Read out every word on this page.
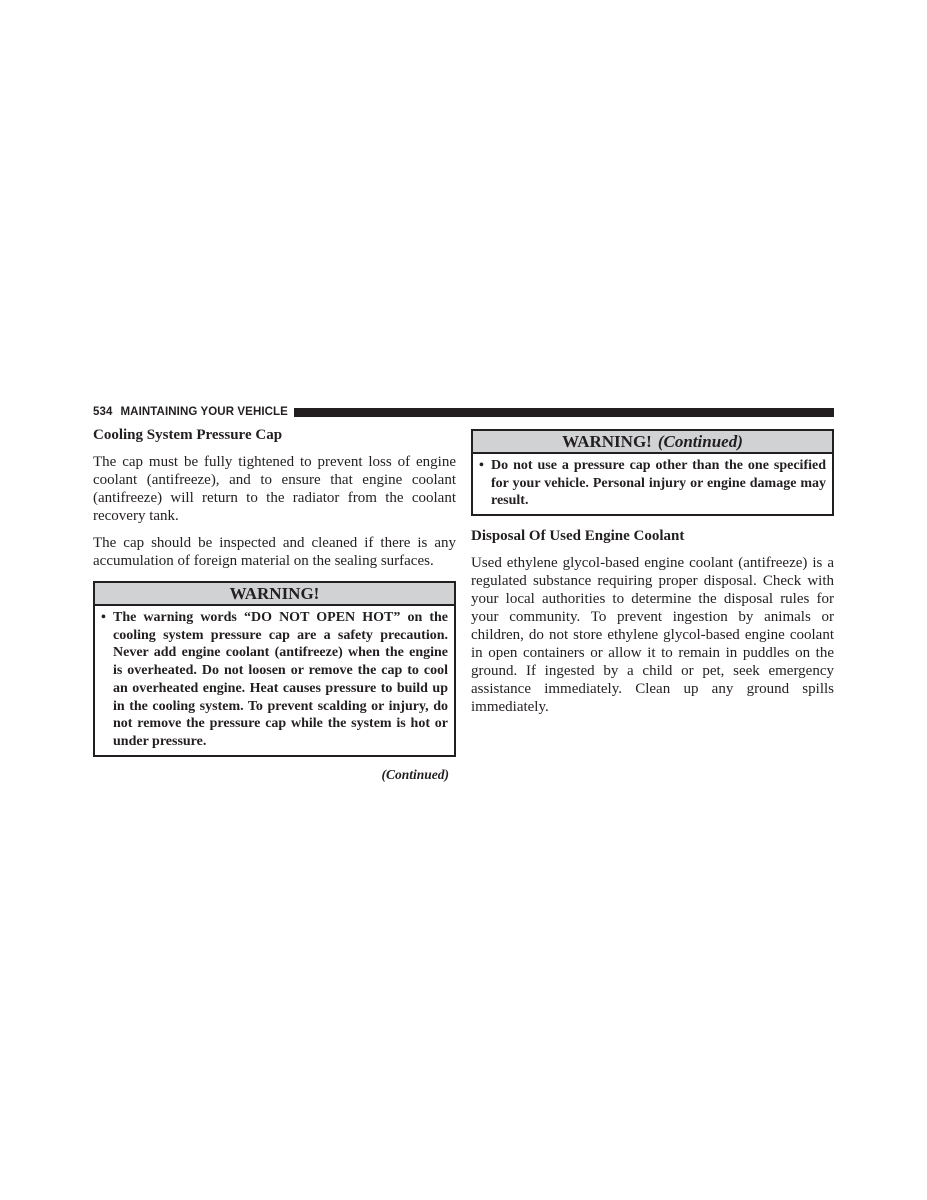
534 MAINTAINING YOUR VEHICLE
Cooling System Pressure Cap

The cap must be fully tightened to prevent loss of engine coolant (antifreeze), and to ensure that engine coolant (antifreeze) will return to the radiator from the coolant recovery tank.

The cap should be inspected and cleaned if there is any accumulation of foreign material on the sealing surfaces.

WARNING!
• The warning words “DO NOT OPEN HOT” on the cooling system pressure cap are a safety precaution. Never add engine coolant (antifreeze) when the engine is overheated. Do not loosen or remove the cap to cool an overheated engine. Heat causes pressure to build up in the cooling system. To prevent scalding or injury, do not remove the pressure cap while the system is hot or under pressure.
(Continued)
WARNING! (Continued)
• Do not use a pressure cap other than the one specified for your vehicle. Personal injury or engine damage may result.
Disposal Of Used Engine Coolant

Used ethylene glycol-based engine coolant (antifreeze) is a regulated substance requiring proper disposal. Check with your local authorities to determine the disposal rules for your community. To prevent ingestion by animals or children, do not store ethylene glycol-based engine coolant in open containers or allow it to remain in puddles on the ground. If ingested by a child or pet, seek emergency assistance immediately. Clean up any ground spills immediately.
